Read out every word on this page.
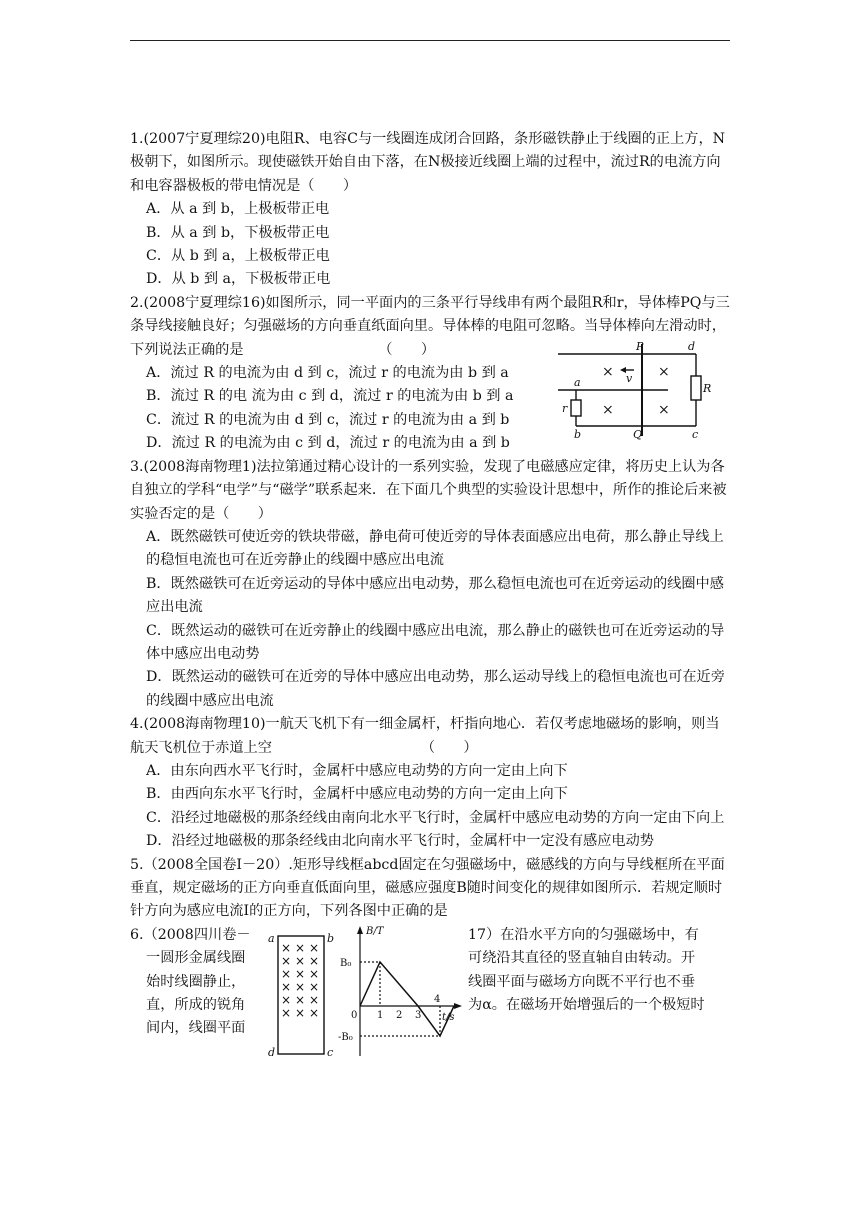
1.(2007宁夏理综20)电阻R、电容C与一线圈连成闭合回路，条形磁铁静止于线圈的正上方，N极朝下，如图所示。现使磁铁开始自由下落，在N极接近线圈上端的过程中，流过R的电流方向和电容器极板的带电情况是（　　）

A．从 a 到 b，上极板带正电

B．从 a 到 b，下极板带正电

C．从 b 到 a，上极板带正电

D．从 b 到 a，下极板带正电

2.(2008宁夏理综16)如图所示，同一平面内的三条平行导线串有两个最阻R和r，导体棒PQ与三条导线接触良好；匀强磁场的方向垂直纸面向里。导体棒的电阻可忽略。当导体棒向左滑动时，下列说法正确的是　　　　　　　　　　（　　）

A．流过 R 的电流为由 d 到 c，流过 r 的电流为由 b 到 a

B．流过 R 的电 流为由 c 到 d，流过 r 的电流为由 b 到 a

C．流过 R 的电流为由 d 到 c，流过 r 的电流为由 a 到 b

D．流过 R 的电流为由 c 到 d，流过 r 的电流为由 a 到 b

×	×
×	×
P
Q
d
c
R
a
b
r
v

3.(2008海南物理1)法拉第通过精心设计的一系列实验，发现了电磁感应定律，将历史上认为各自独立的学科“电学”与“磁学”联系起来．在下面几个典型的实验设计思想中，所作的推论后来被实验否定的是（　　）

A．既然磁铁可使近旁的铁块带磁，静电荷可使近旁的导体表面感应出电荷，那么静止导线上的稳恒电流也可在近旁静止的线圈中感应出电流

B．既然磁铁可在近旁运动的导体中感应出电动势，那么稳恒电流也可在近旁运动的线圈中感应出电流

C．既然运动的磁铁可在近旁静止的线圈中感应出电流，那么静止的磁铁也可在近旁运动的导体中感应出电动势

D．既然运动的磁铁可在近旁的导体中感应出电动势，那么运动导线上的稳恒电流也可在近旁的线圈中感应出电流

4.(2008海南物理10)一航天飞机下有一细金属杆，杆指向地心．若仅考虑地磁场的影响，则当航天飞机位于赤道上空　　　　　　　　　　　（　　）

A．由东向西水平飞行时，金属杆中感应电动势的方向一定由上向下

B．由西向东水平飞行时，金属杆中感应电动势的方向一定由上向下

C．沿经过地磁极的那条经线由南向北水平飞行时，金属杆中感应电动势的方向一定由下向上

D．沿经过地磁极的那条经线由北向南水平飞行时，金属杆中一定没有感应电动势

5.（2008全国卷Ⅰ－20）.矩形导线框abcd固定在匀强磁场中，磁感线的方向与导线框所在平面垂直，规定磁场的正方向垂直低面向里，磁感应强度B随时间变化的规律如图所示．若规定顺时针方向为感应电流I的正方向，下列各图中正确的是

6.（2008四川卷－

一圆形金属线圈

始时线圈静止，

直，所成的锐角

间内，线圈平面

× × ×
× × ×
× × ×
× × ×
× × ×
× × ×
a	b
c
d
B/T
t/s
B₀
-B₀
0 1 2 3
4

17）在沿水平方向的匀强磁场中，有

可绕沿其直径的竖直轴自由转动。开

线圈平面与磁场方向既不平行也不垂

为α。在磁场开始增强后的一个极短时
